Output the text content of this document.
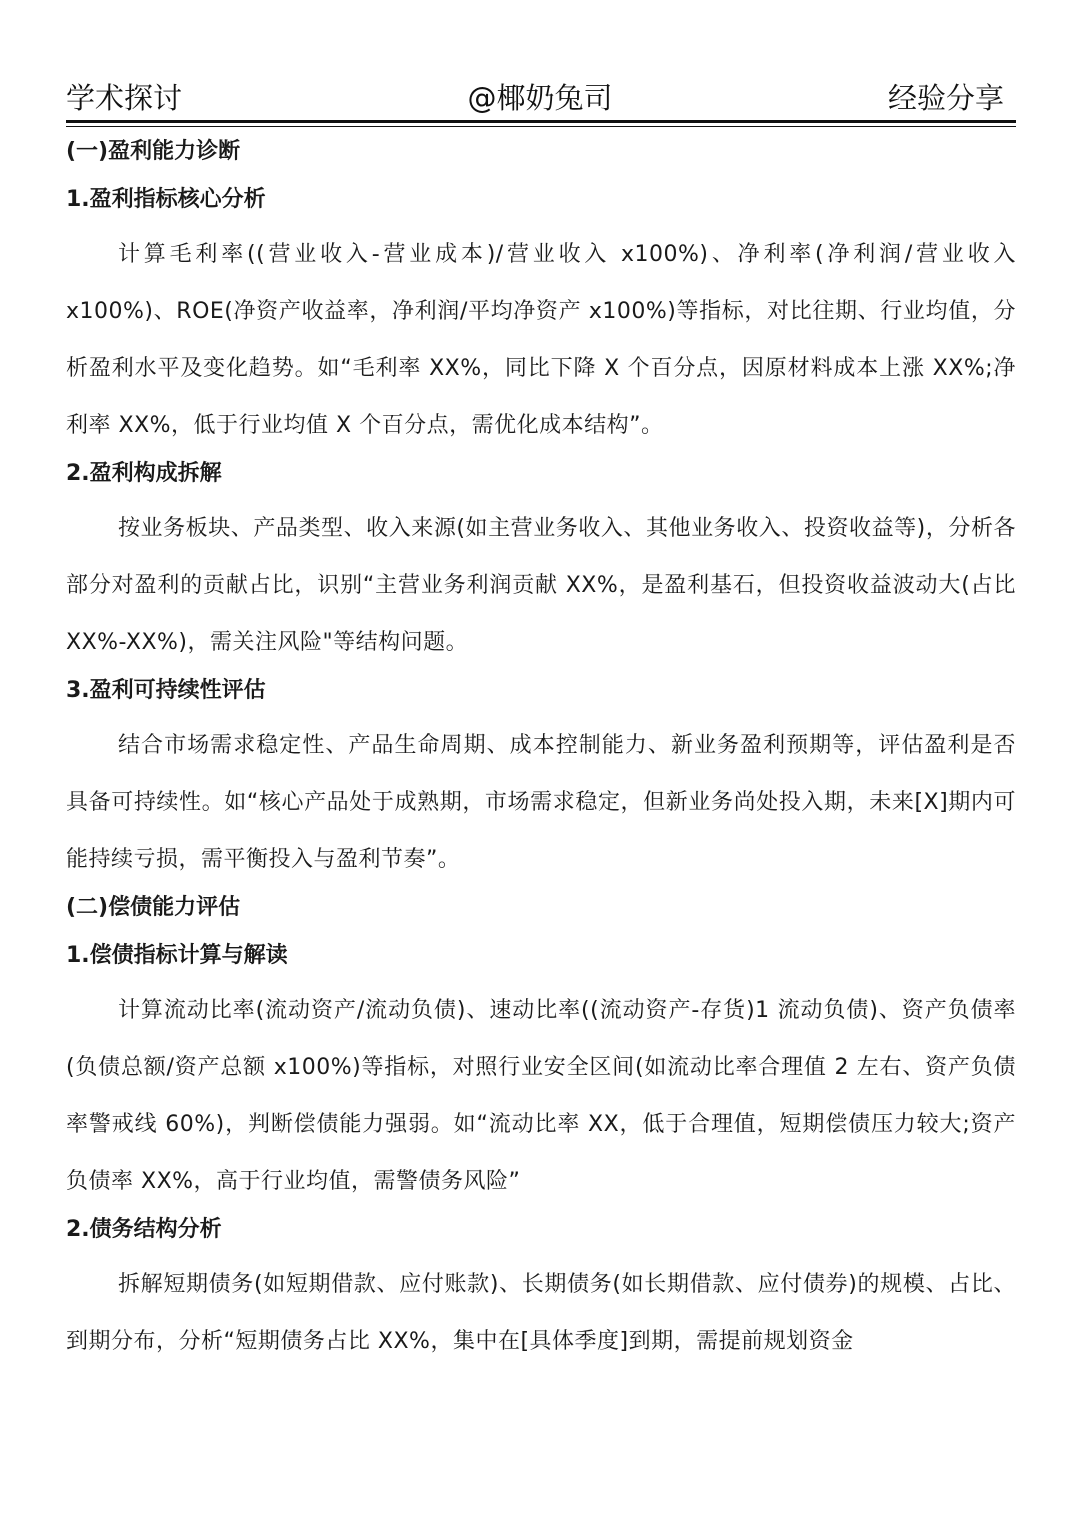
学术探讨	@椰奶兔司	经验分享
(一)盈利能力诊断
1.盈利指标核心分析

计算毛利率((营业收入-营业成本)/营业收入 x100%)、净利率(净利润/营业收入 x100%)、ROE(净资产收益率，净利润/平均净资产 x100%)等指标，对比往期、行业均值，分析盈利水平及变化趋势。如“毛利率 XX%，同比下降 X 个百分点，因原材料成本上涨 XX%;净利率 XX%，低于行业均值 X 个百分点，需优化成本结构”。

2.盈利构成拆解

按业务板块、产品类型、收入来源(如主营业务收入、其他业务收入、投资收益等)，分析各部分对盈利的贡献占比，识别“主营业务利润贡献 XX%，是盈利基石，但投资收益波动大(占比 XX%-XX%)，需关注风险"等结构问题。

3.盈利可持续性评估

结合市场需求稳定性、产品生命周期、成本控制能力、新业务盈利预期等，评估盈利是否具备可持续性。如“核心产品处于成熟期，市场需求稳定，但新业务尚处投入期，未来[X]期内可能持续亏损，需平衡投入与盈利节奏”。

(二)偿债能力评估
1.偿债指标计算与解读

计算流动比率(流动资产/流动负债)、速动比率((流动资产-存货)1 流动负债)、资产负债率(负债总额/资产总额 x100%)等指标，对照行业安全区间(如流动比率合理值 2 左右、资产负债率警戒线 60%)，判断偿债能力强弱。如“流动比率 XX，低于合理值，短期偿债压力较大;资产负债率 XX%，高于行业均值，需警债务风险”

2.债务结构分析

拆解短期债务(如短期借款、应付账款)、长期债务(如长期借款、应付债券)的规模、占比、到期分布，分析“短期债务占比 XX%，集中在[具体季度]到期，需提前规划资金
